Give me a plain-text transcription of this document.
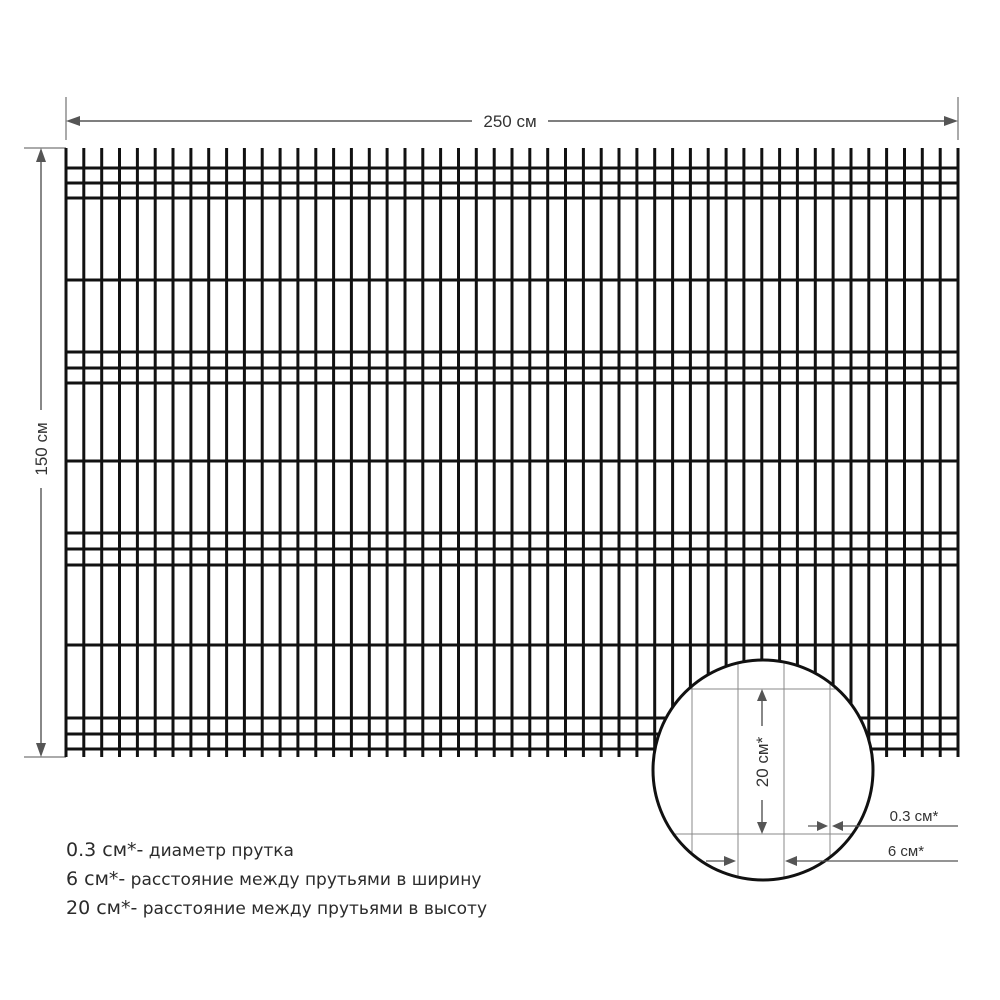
250 см
150 см
20 см*
0.3 см*
6 см*
0.3 см*- диаметр прутка
6 см*- расстояние между прутьями в ширину
20 см*- расстояние между прутьями в высоту
